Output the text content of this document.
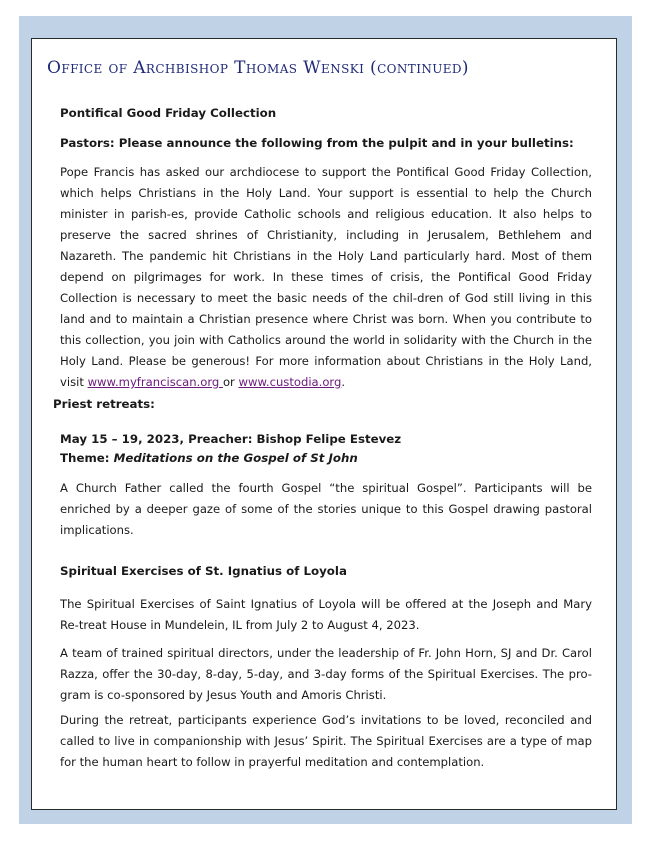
Office of Archbishop Thomas Wenski (continued)
Pontifical Good Friday Collection
Pastors: Please announce the following from the pulpit and in your bulletins:
Pope Francis has asked our archdiocese to support the Pontifical Good Friday Collection, which helps Christians in the Holy Land. Your support is essential to help the Church minister in parish-es, provide Catholic schools and religious education. It also helps to preserve the sacred shrines of Christianity, including in Jerusalem, Bethlehem and Nazareth. The pandemic hit Christians in the Holy Land particularly hard. Most of them depend on pilgrimages for work. In these times of crisis, the Pontifical Good Friday Collection is necessary to meet the basic needs of the chil-dren of God still living in this land and to maintain a Christian presence where Christ was born. When you contribute to this collection, you join with Catholics around the world in solidarity with the Church in the Holy Land. Please be generous! For more information about Christians in the Holy Land, visit www.myfranciscan.org or www.custodia.org.
Priest retreats:
May 15 – 19, 2023, Preacher: Bishop Felipe Estevez
Theme: Meditations on the Gospel of St John
A Church Father called the fourth Gospel “the spiritual Gospel”. Participants will be enriched by a deeper gaze of some of the stories unique to this Gospel drawing pastoral implications.
Spiritual Exercises of St. Ignatius of Loyola
The Spiritual Exercises of Saint Ignatius of Loyola will be offered at the Joseph and Mary Re-treat House in Mundelein, IL from July 2 to August 4, 2023.
A team of trained spiritual directors, under the leadership of Fr. John Horn, SJ and Dr. Carol Razza, offer the 30-day, 8-day, 5-day, and 3-day forms of the Spiritual Exercises. The pro-gram is co-sponsored by Jesus Youth and Amoris Christi.
During the retreat, participants experience God’s invitations to be loved, reconciled and called to live in companionship with Jesus’ Spirit. The Spiritual Exercises are a type of map for the human heart to follow in prayerful meditation and contemplation.
